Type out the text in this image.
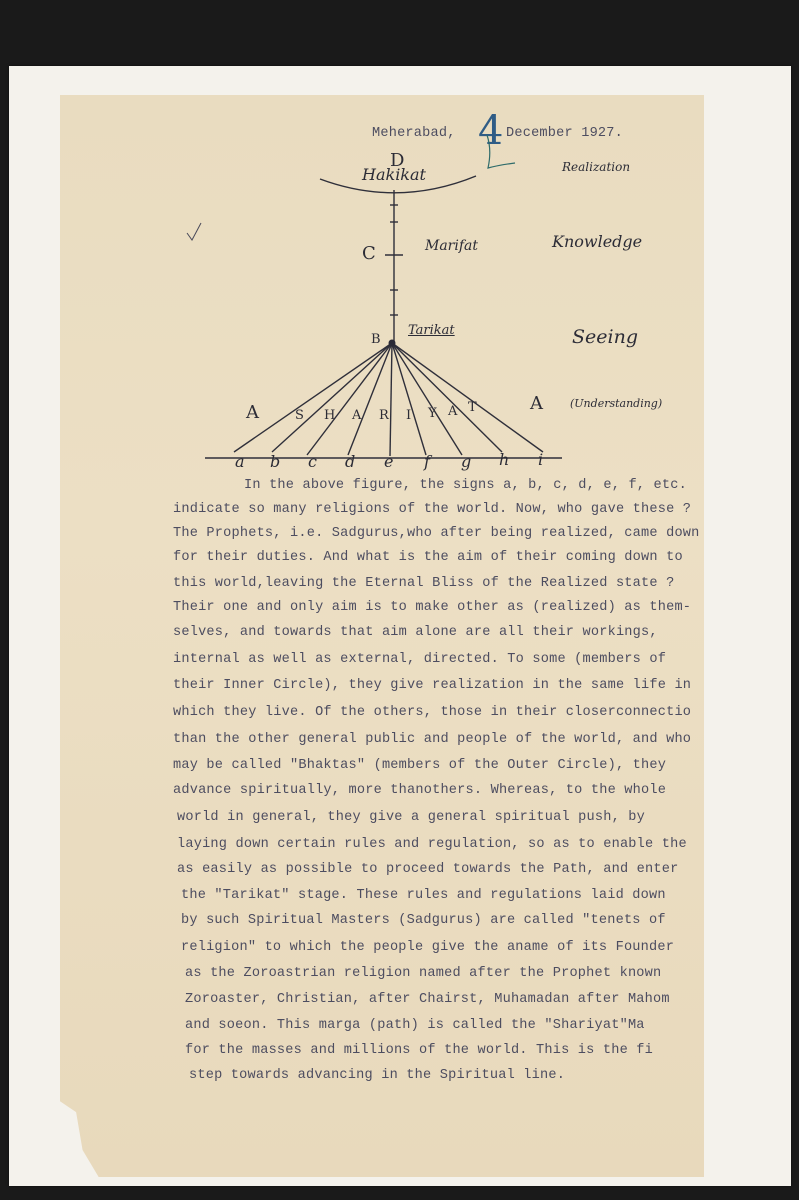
Meherabad, 4 December 1927.
D
Hakikat
C	Marifat
B
Tarikat
A	A
S H A R I Y A T
a b c d e f g h i
Realization
Knowledge
Seeing
(Understanding)
In the above figure, the signs a, b, c, d, e, f, etc.
indicate so many religions of the world. Now, who gave these ?
The Prophets, i.e. Sadgurus,who after being realized, came down
for their duties. And what is the aim of their coming down to
this world,leaving the Eternal Bliss of the Realized state ?
Their one and only aim is to make other as (realized) as them-
selves, and towards that aim alone are all their workings,
internal as well as external, directed. To some (members of
their Inner Circle), they give realization in the same life in
which they live. Of the others, those in their closerconnectio
than the other general public and people of the world, and who
may be called "Bhaktas" (members of the Outer Circle), they
advance spiritually, more thanothers. Whereas, to the whole
world in general, they give a general spiritual push, by
laying down certain rules and regulation, so as to enable the
as easily as possible to proceed towards the Path, and enter
the "Tarikat" stage. These rules and regulations laid down
by such Spiritual Masters (Sadgurus) are called "tenets of
religion" to which the people give the aname of its Founder
as the Zoroastrian religion named after the Prophet known
Zoroaster, Christian, after Chairst, Muhamadan after Mahom
and soeon. This marga (path) is called the "Shariyat"Ma
for the masses and millions of the world. This is the fi
step towards advancing in the Spiritual line.
